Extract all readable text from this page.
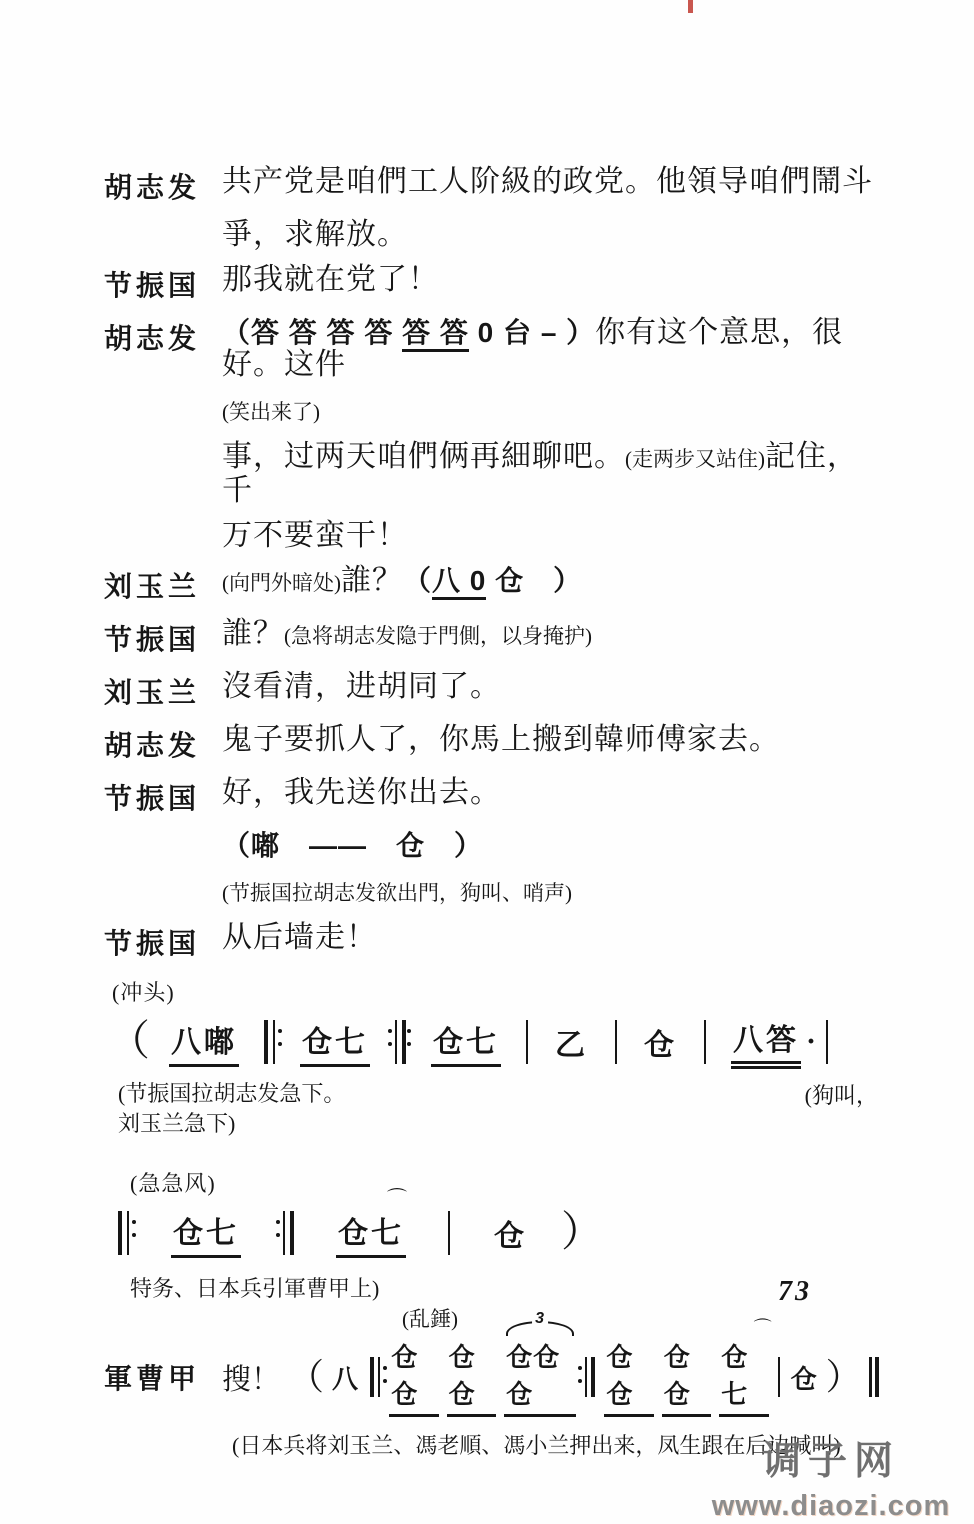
胡志发 共产党是咱們工人阶級的政党。他領导咱們鬧斗
爭，求解放。
节振国 那我就在党了！
胡志发 （答 答 答 答 答 答 0 台 – ）你有这个意思，很好。这件
(笑出来了)
事，过两天咱們俩再細聊吧。(走两步又站住)記住，千
万不要蛮干！
刘玉兰	(向門外暗处)誰？（八 0 仓　）
节振国 誰？(急将胡志发隐于門側，以身掩护)
刘玉兰 沒看清，进胡同了。
胡志发 鬼子要抓人了，你馬上搬到韓师傅家去。
节振国 好，我先送你出去。
（嘟　——　仓　）
(节振国拉胡志发欲出門，狗叫、哨声)
节振国 从后墙走！
(冲头)
（ 八嘟 仓七 仓七 乙 仓 八答 ·
(节振国拉胡志发急下。
刘玉兰急下)
(狗叫，
(急急风)
仓七	仓七
⌒
仓 ）
特务、日本兵引軍曹甲上)
軍曹甲 搜！
(乱錘)
（ 八
仓仓
仓仓
仓仓仓
3
仓仓
仓仓
仓七
⌒
仓 ）
(日本兵将刘玉兰、馮老順、馮小兰押出来，凤生跟在后边喊叫)
73
调子网
www.diaozi.com
